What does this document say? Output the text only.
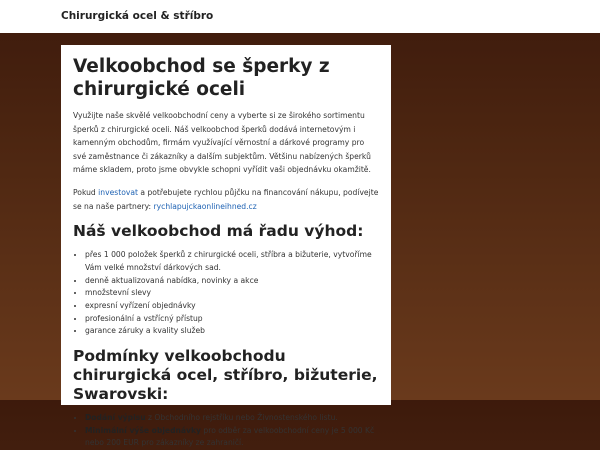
Chirurgická ocel & stříbro
Velkoobchod se šperky z chirurgické oceli

Využijte naše skvělé velkoobchodní ceny a vyberte si ze širokého sortimentu šperků z chirurgické oceli. Náš velkoobchod šperků dodává internetovým i kamenným obchodům, firmám využívající věrnostní a dárkové programy pro své zaměstnance či zákazníky a dalším subjektům. Většinu nabízených šperků máme skladem, proto jsme obvykle schopni vyřídit vaši objednávku okamžitě.

Pokud investovat a potřebujete rychlou půjčku na financování nákupu, podívejte se na naše partnery: rychlapujckaonlineihned.cz

Náš velkoobchod má řadu výhod:
• přes 1 000 položek šperků z chirurgické oceli, stříbra a bižuterie, vytvoříme Vám velké množství dárkových sad.
• denně aktualizovaná nabídka, novinky a akce
• množstevní slevy
• expresní vyřízení objednávky
• profesionální a vstřícný přístup
• garance záruky a kvality služeb
Podmínky velkoobchodu chirurgická ocel, stříbro, bižuterie, Swarovski:
• Dodání výpisu z Obchodního rejstříku nebo Živnostenského listu.
• Minimální výše objednávky pro odběr za velkoobchodní ceny je 5 000 Kč nebo 200 EUR pro zákazníky ze zahraničí.
